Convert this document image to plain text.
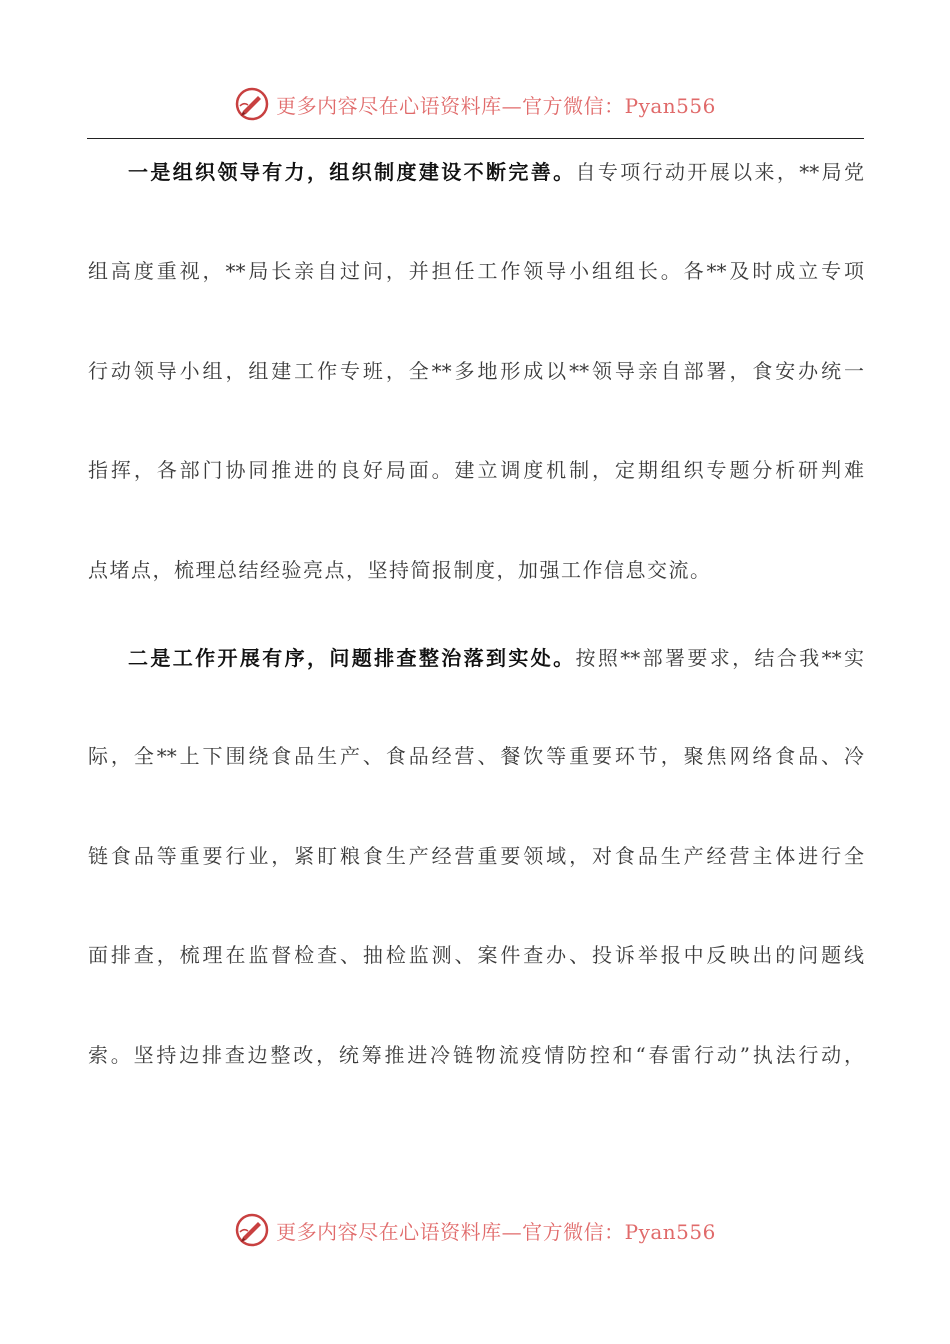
更多内容尽在心语资料库—官方微信：Pyan556
一是组织领导有力，组织制度建设不断完善。自专项行动开展以来，**局党
组高度重视，**局长亲自过问，并担任工作领导小组组长。各**及时成立专项
行动领导小组，组建工作专班，全**多地形成以**领导亲自部署，食安办统一
指挥，各部门协同推进的良好局面。建立调度机制，定期组织专题分析研判难
点堵点，梳理总结经验亮点，坚持简报制度，加强工作信息交流。
二是工作开展有序，问题排查整治落到实处。按照**部署要求，结合我**实
际，全**上下围绕食品生产、食品经营、餐饮等重要环节，聚焦网络食品、冷
链食品等重要行业，紧盯粮食生产经营重要领域，对食品生产经营主体进行全
面排查，梳理在监督检查、抽检监测、案件查办、投诉举报中反映出的问题线
索。坚持边排查边整改，统筹推进冷链物流疫情防控和“春雷行动”执法行动，
更多内容尽在心语资料库—官方微信：Pyan556
